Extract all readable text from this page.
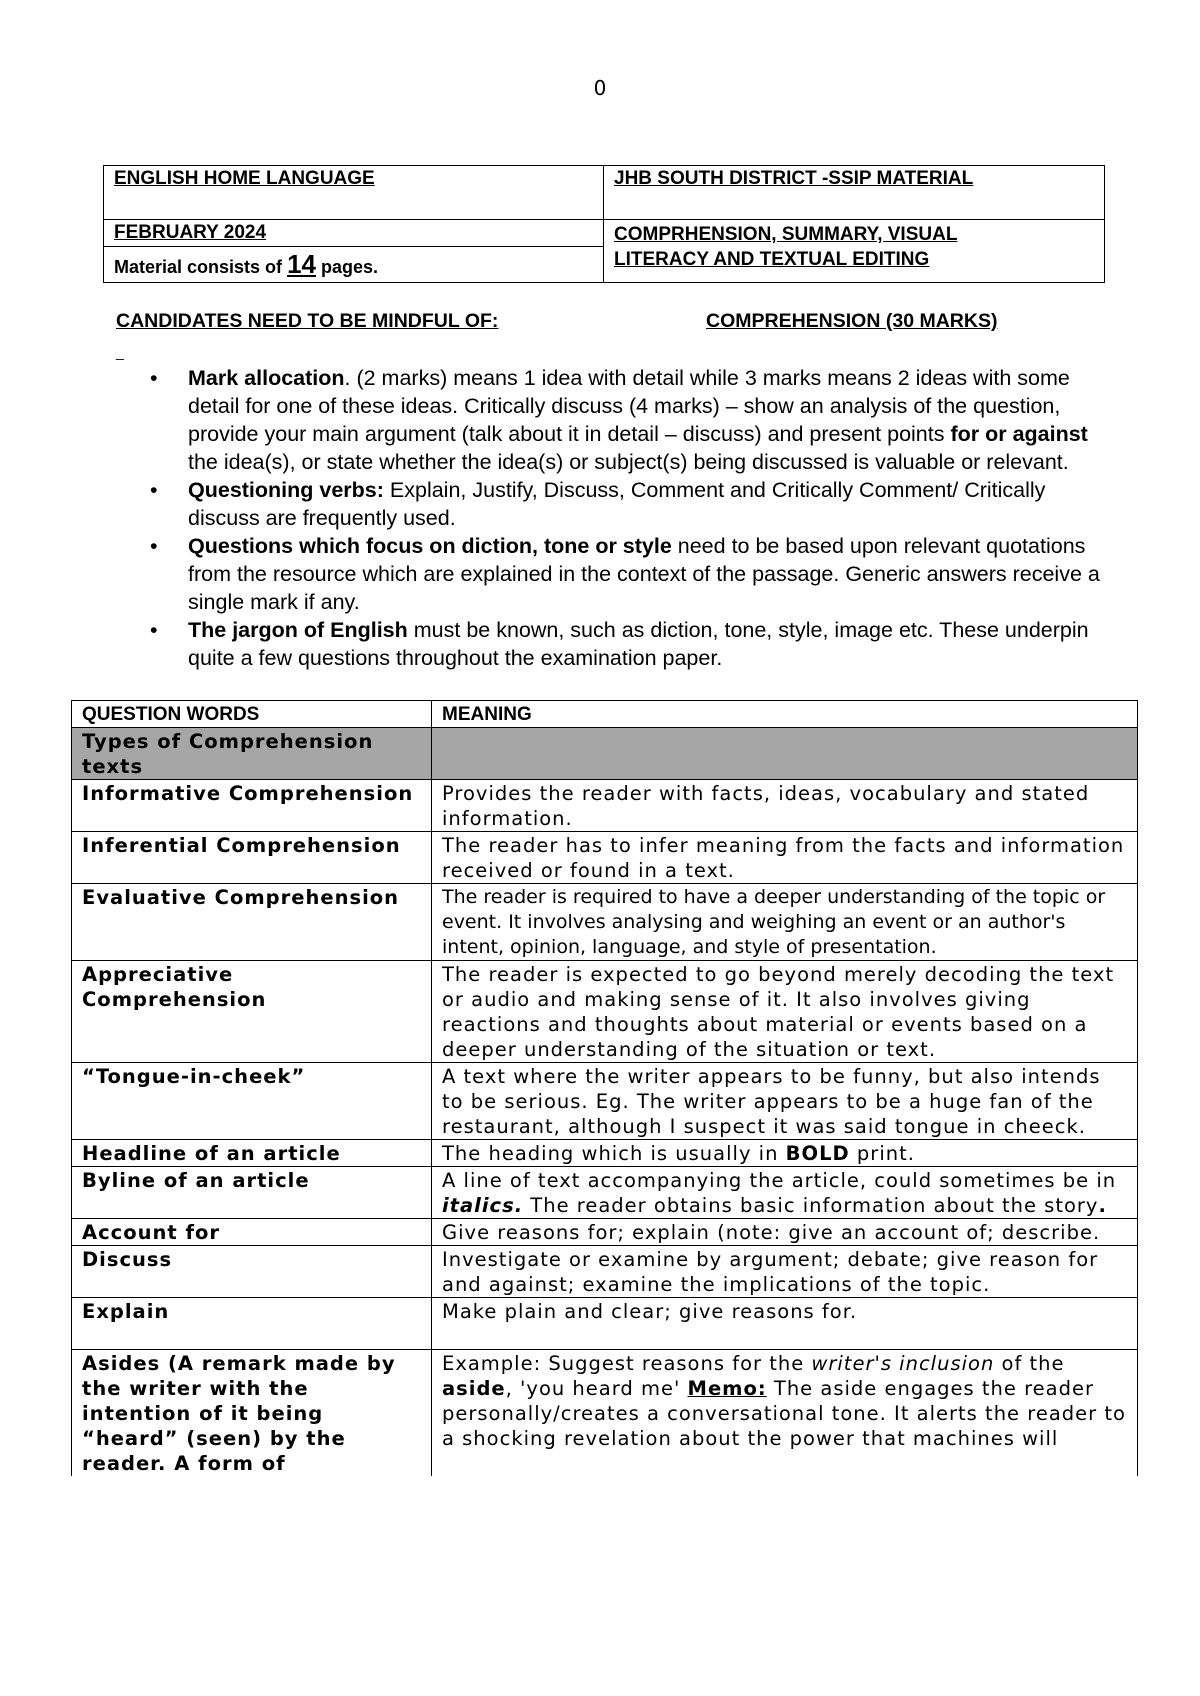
0
ENGLISH HOME LANGUAGE	JHB SOUTH DISTRICT -SSIP MATERIAL
FEBRUARY 2024	COMPRHENSION, SUMMARY, VISUAL
LITERACY AND TEXTUAL EDITING
Material consists of 14 pages.	
CANDIDATES NEED TO BE MINDFUL OF:	COMPREHENSION (30 MARKS)
_
• Mark allocation. (2 marks) means 1 idea with detail while 3 marks means 2 ideas with some detail for one of these ideas. Critically discuss (4 marks) – show an analysis of the question, provide your main argument (talk about it in detail – discuss) and present points for or against the idea(s), or state whether the idea(s) or subject(s) being discussed is valuable or relevant.
• Questioning verbs: Explain, Justify, Discuss, Comment and Critically Comment/ Critically discuss are frequently used.
• Questions which focus on diction, tone or style need to be based upon relevant quotations from the resource which are explained in the context of the passage. Generic answers receive a single mark if any.
• The jargon of English must be known, such as diction, tone, style, image etc. These underpin quite a few questions throughout the examination paper.
QUESTION WORDS	MEANING
Types of Comprehension texts	
Informative Comprehension	Provides the reader with facts, ideas, vocabulary and stated information.
Inferential Comprehension	The reader has to infer meaning from the facts and information received or found in a text.
Evaluative Comprehension	The reader is required to have a deeper understanding of the topic or event. It involves analysing and weighing an event or an author's intent, opinion, language, and style of presentation.
Appreciative Comprehension	The reader is expected to go beyond merely decoding the text or audio and making sense of it. It also involves giving reactions and thoughts about material or events based on a deeper understanding of the situation or text.
“Tongue-in-cheek”	A text where the writer appears to be funny, but also intends to be serious. Eg. The writer appears to be a huge fan of the restaurant, although I suspect it was said tongue in cheeck.
Headline of an article	The heading which is usually in BOLD print.
Byline of an article	A line of text accompanying the article, could sometimes be in italics. The reader obtains basic information about the story.
Account for	Give reasons for; explain (note: give an account of; describe.
Discuss	Investigate or examine by argument; debate; give reason for and against; examine the implications of the topic.
Explain	Make plain and clear; give reasons for.
Asides (A remark made by the writer with the intention of it being “heard” (seen) by the reader. A form of	Example: Suggest reasons for the writer's inclusion of the aside, 'you heard me' Memo: The aside engages the reader personally/creates a conversational tone. It alerts the reader to a shocking revelation about the power that machines will
